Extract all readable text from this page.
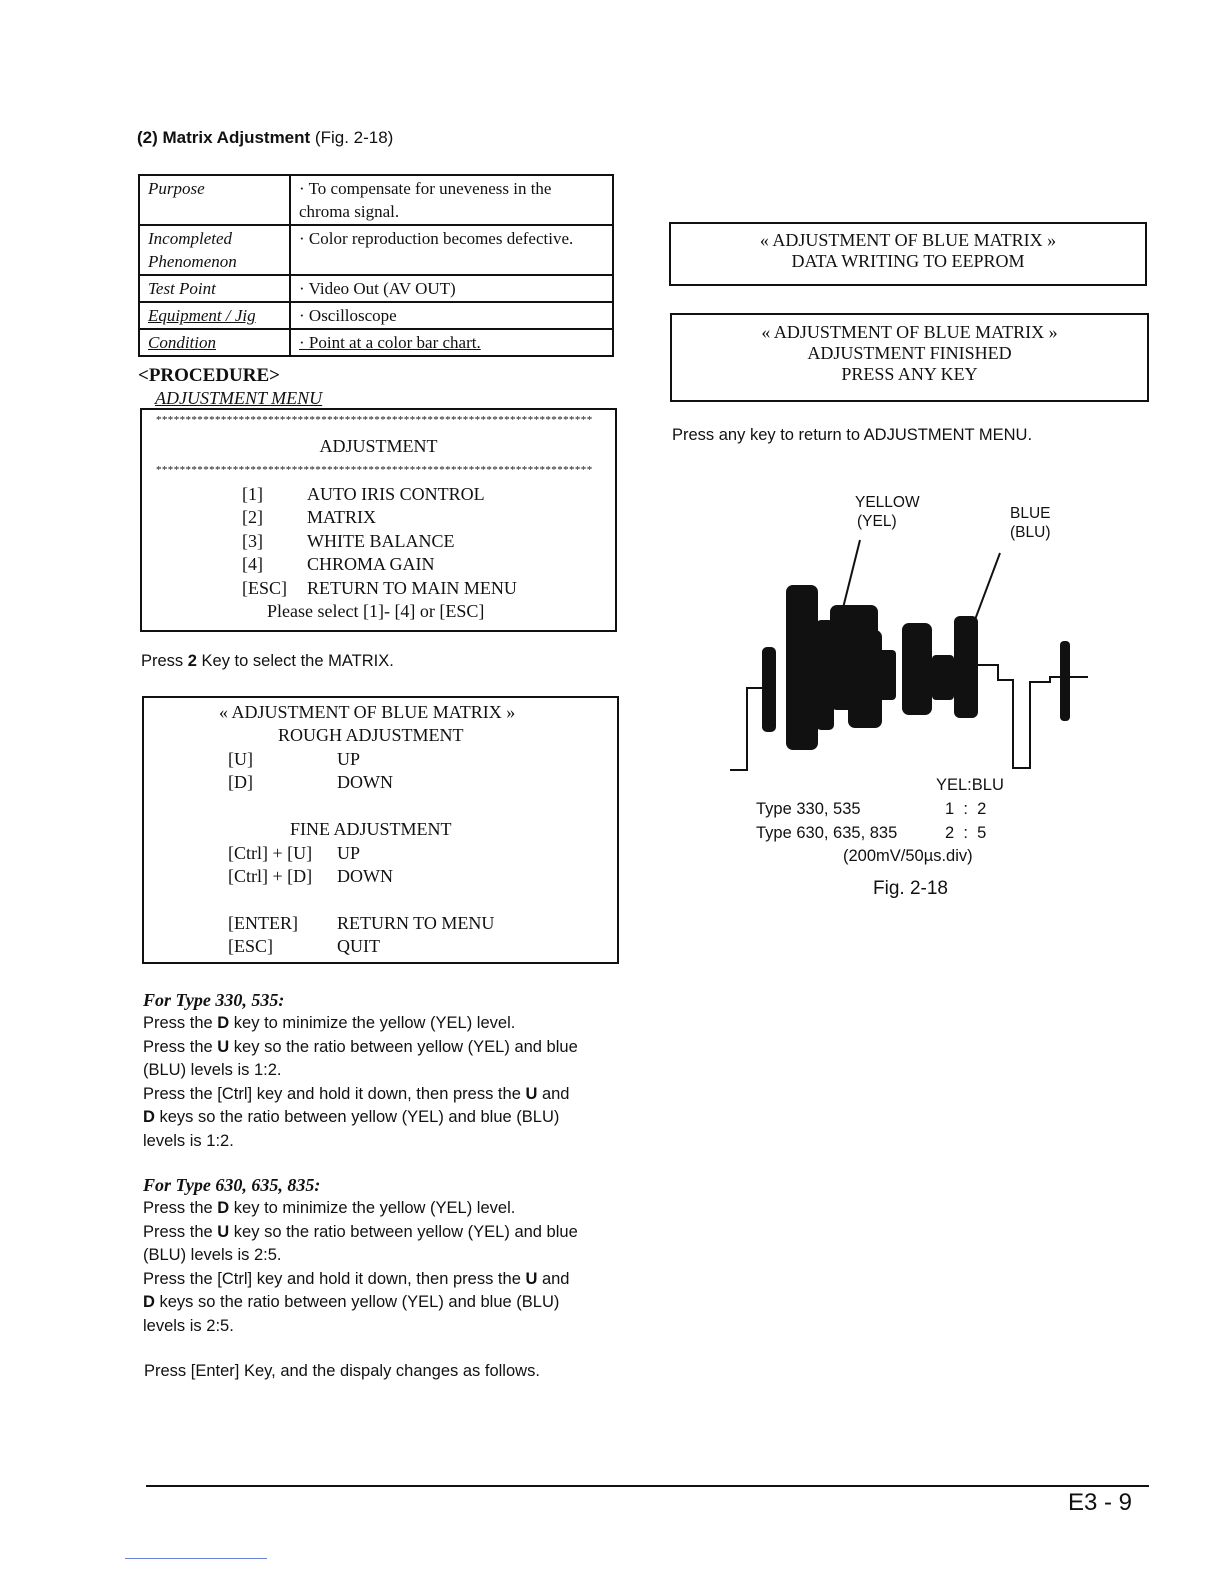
(2) Matrix Adjustment (Fig. 2-18)
Purpose	· To compensate for uneveness in the chroma signal.
Incompleted Phenomenon	· Color reproduction becomes defective.
Test Point	· Video Out (AV OUT)
Equipment / Jig	· Oscilloscope
Condition	· Point at a color bar chart.
<PROCEDURE>
ADJUSTMENT MENU
**************************************************************************
ADJUSTMENT
**************************************************************************
[1] AUTO IRIS CONTROL
[2] MATRIX
[3] WHITE BALANCE
[4] CHROMA GAIN
[ESC] RETURN TO MAIN MENU
Please select [1]- [4] or [ESC]
Press 2 Key to select the MATRIX.
« ADJUSTMENT OF BLUE MATRIX »
ROUGH ADJUSTMENT
[U]	UP
[D]	DOWN
FINE ADJUSTMENT
[Ctrl] + [U] UP
[Ctrl] + [D] DOWN
[ENTER] RETURN TO MENU
[ESC]	QUIT
For Type 330, 535:
Press the D key to minimize the yellow (YEL) level.
Press the U key so the ratio between yellow (YEL) and blue
(BLU) levels is 1:2.
Press the [Ctrl] key and hold it down, then press the U and
D keys so the ratio between yellow (YEL) and blue (BLU)
levels is 1:2.
For Type 630, 635, 835:
Press the D key to minimize the yellow (YEL) level.
Press the U key so the ratio between yellow (YEL) and blue
(BLU) levels is 2:5.
Press the [Ctrl] key and hold it down, then press the U and
D keys so the ratio between yellow (YEL) and blue (BLU)
levels is 2:5.
Press [Enter] Key, and the dispaly changes as follows.
« ADJUSTMENT OF BLUE MATRIX »
DATA WRITING TO EEPROM
« ADJUSTMENT OF BLUE MATRIX »
ADJUSTMENT FINISHED
PRESS ANY KEY
Press any key to return to ADJUSTMENT MENU.
YELLOW
(YEL)	BLUE
(BLU)
YEL:BLU
Type 330, 535	1  :  2
Type 630, 635, 835	2  :  5
(200mV/50µs.div)
Fig. 2-18
E3 - 9
